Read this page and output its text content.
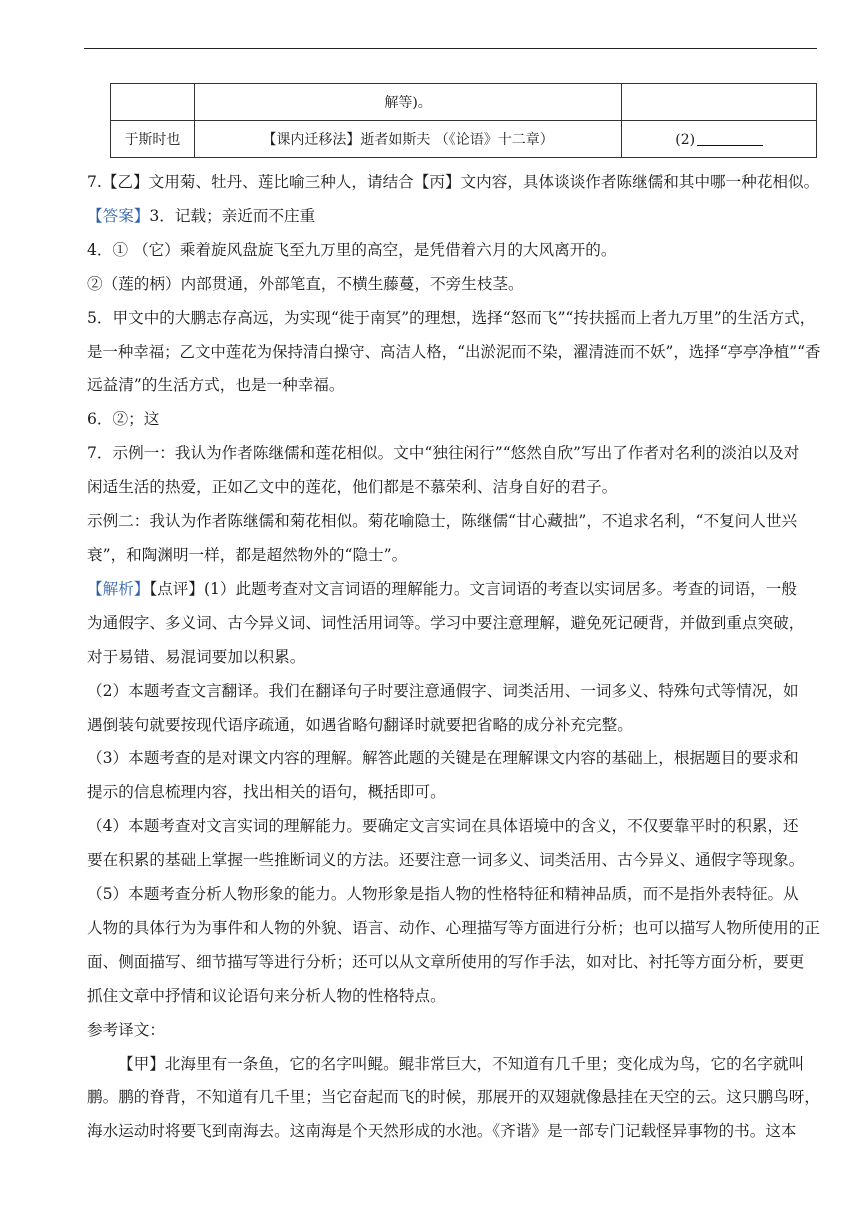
	解等)。	
于斯时也	【课内迁移法】逝者如斯夫 （《论语》十二章）	(2)

7.【乙】文用菊、牡丹、莲比喻三种人，请结合【丙】文内容，具体谈谈作者陈继儒和其中哪一种花相似。

【答案】3．记载；亲近而不庄重

4．① （它）乘着旋风盘旋飞至九万里的高空，是凭借着六月的大风离开的。

②（莲的柄）内部贯通，外部笔直，不横生藤蔓，不旁生枝茎。

5．甲文中的大鹏志存高远，为实现“徙于南冥”的理想，选择“怒而飞”“抟扶摇而上者九万里”的生活方式，

是一种幸福；乙文中莲花为保持清白操守、高洁人格，“出淤泥而不染，濯清涟而不妖”，选择“亭亭净植”“香

远益清”的生活方式，也是一种幸福。

6．②；这

7．示例一：我认为作者陈继儒和莲花相似。文中“独往闲行”“悠然自欣”写出了作者对名利的淡泊以及对

闲适生活的热爱，正如乙文中的莲花，他们都是不慕荣利、洁身自好的君子。

示例二：我认为作者陈继儒和菊花相似。菊花喻隐士，陈继儒“甘心藏拙”，不追求名利，“不复问人世兴

衰”，和陶渊明一样，都是超然物外的“隐士”。

【解析】【点评】(1）此题考查对文言词语的理解能力。文言词语的考查以实词居多。考查的词语，一般

为通假字、多义词、古今异义词、词性活用词等。学习中要注意理解，避免死记硬背，并做到重点突破，

对于易错、易混词要加以积累。

（2）本题考查文言翻译。我们在翻译句子时要注意通假字、词类活用、一词多义、特殊句式等情况，如

遇倒装句就要按现代语序疏通，如遇省略句翻译时就要把省略的成分补充完整。

（3）本题考查的是对课文内容的理解。解答此题的关键是在理解课文内容的基础上，根据题目的要求和

提示的信息梳理内容，找出相关的语句，概括即可。

（4）本题考查对文言实词的理解能力。要确定文言实词在具体语境中的含义，不仅要靠平时的积累，还

要在积累的基础上掌握一些推断词义的方法。还要注意一词多义、词类活用、古今异义、通假字等现象。

（5）本题考查分析人物形象的能力。人物形象是指人物的性格特征和精神品质，而不是指外表特征。从

人物的具体行为为事件和人物的外貌、语言、动作、心理描写等方面进行分析；也可以描写人物所使用的正

面、侧面描写、细节描写等进行分析；还可以从文章所使用的写作手法，如对比、衬托等方面分析，要更

抓住文章中抒情和议论语句来分析人物的性格特点。

参考译文：

【甲】北海里有一条鱼，它的名字叫鲲。鲲非常巨大，不知道有几千里；变化成为鸟，它的名字就叫

鹏。鹏的脊背，不知道有几千里；当它奋起而飞的时候，那展开的双翅就像悬挂在天空的云。这只鹏鸟呀，

海水运动时将要飞到南海去。这南海是个天然形成的水池。《齐谐》是一部专门记载怪异事物的书。这本
